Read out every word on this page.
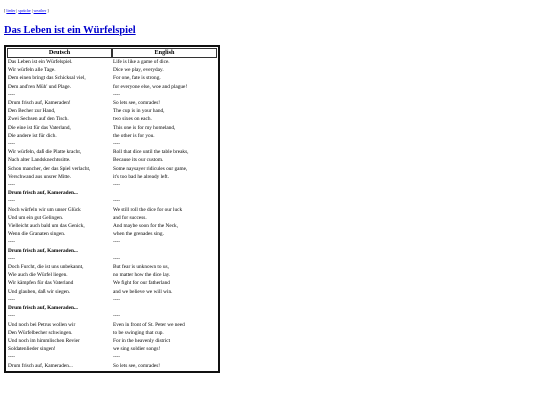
[ lieder | sprüche | weather ]
Das Leben ist ein Würfelspiel
Deutsch	English
Das Leben ist ein Würfelspiel.	Life is like a game of dice.
Wir würfeln alle Tage.	Dice we play, everyday.
Dem einen bringt das Schicksal viel,	For one, fate is strong.
Dem and'ren Müh' und Plage.	for everyone else, woe and plague!
----	----
Drum frisch auf, Kameraden!	So lets see, comrades!
Den Becher zur Hand,	The cup is in your hand,
Zwei Sechsen auf den Tisch.	two sixes on each.
Die eine ist für das Vaterland,	This one is for my homeland,
Die andere ist für dich.	the other is for you.
----	----
Wir würfeln, daß die Platte kracht,	Roll that dice until the table breaks,
Nach alter Landsknechtssitte.	Because its our custom.
Schon mancher, der das Spiel verlacht,	Some naysayer ridicules our game,
Verschwand aus unsrer Mitte.	it's too bad he already left.
----	----
Drum frisch auf, Kameraden...	
----	----
Noch würfeln wir um unser Glück	We still roll the dice for our luck
Und um ein gut Gelingen.	and for success.
Vielleicht auch bald um das Genick,	And maybe soon for the Neck,
Wenn die Granaten singen.	when the grenades sing.
----	----
Drum frisch auf, Kameraden...	
----	----
Doch Furcht, die ist uns unbekannt,	But fear is unknown to us,
Wie auch die Würfel liegen.	no matter how the dice lay.
Wir kämpfen für das Vaterland	We fight for our fatherland
Und glauben, daß wir siegen.	and we believe we will win.
----	----
Drum frisch auf, Kameraden...	
----	----
Und noch bei Petrus wollen wir	Even in front of St. Peter we need
Den Würfelbecher schwingen.	to be swinging that cup.
Und noch im himmlischen Revier	For in the heavenly district
Soldatenlieder singen!	we sing soldier songs!
----	----
Drum frisch auf, Kameraden...	So lets see, comrades!
